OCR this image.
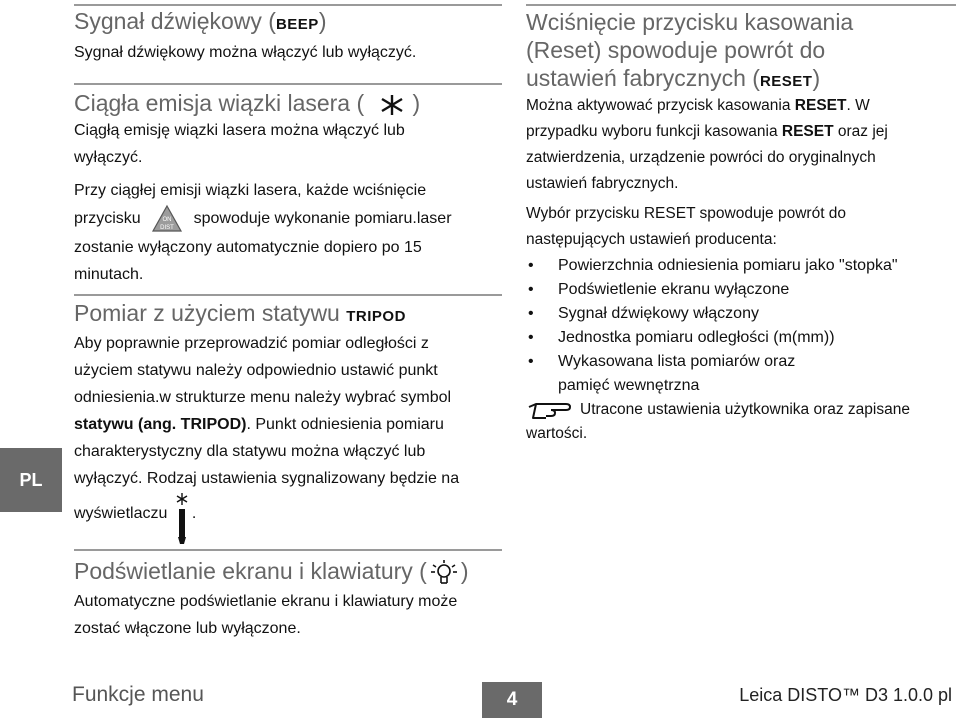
PL
Sygnał dźwiękowy (BEEP)
Sygnał dźwiękowy można włączyć lub wyłączyć.
Ciągła emisja wiązki lasera ( )
Ciągłą emisję wiązki lasera można włączyć lub
wyłączyć.
Przy ciągłej emisji wiązki lasera, każde wciśnięcie
przycisku	ON
DIST
spowoduje wykonanie pomiaru.laser
zostanie wyłączony automatycznie dopiero po 15
minutach.
Pomiar z użyciem statywu TRIPOD
Aby poprawnie przeprowadzić pomiar odległości z
użyciem statywu należy odpowiednio ustawić punkt
odniesienia.w strukturze menu należy wybrać symbol
statywu (ang. TRIPOD). Punkt odniesienia pomiaru
charakterystyczny dla statywu można włączyć lub
wyłączyć. Rodzaj ustawienia sygnalizowany będzie na
wyświetlaczu .
Podświetlanie ekranu i klawiatury ( )
Automatyczne podświetlanie ekranu i klawiatury może
zostać włączone lub wyłączone.
Wciśnięcie przycisku kasowania
(Reset) spowoduje powrót do
ustawień fabrycznych (RESET)
Można aktywować przycisk kasowania RESET. W
przypadku wyboru funkcji kasowania RESET oraz jej
zatwierdzenia, urządzenie powróci do oryginalnych
ustawień fabrycznych.
Wybór przycisku RESET spowoduje powrót do
następujących ustawień producenta:
• Powierzchnia odniesienia pomiaru jako "stopka"
• Podświetlenie ekranu wyłączone
• Sygnał dźwiękowy włączony
• Jednostka pomiaru odległości (m(mm))
• Wykasowana lista pomiarów oraz pamięć wewnętrzna
Utracone ustawienia użytkownika oraz zapisane
wartości.
Funkcje menu	4	Leica DISTO™ D3 1.0.0 pl
